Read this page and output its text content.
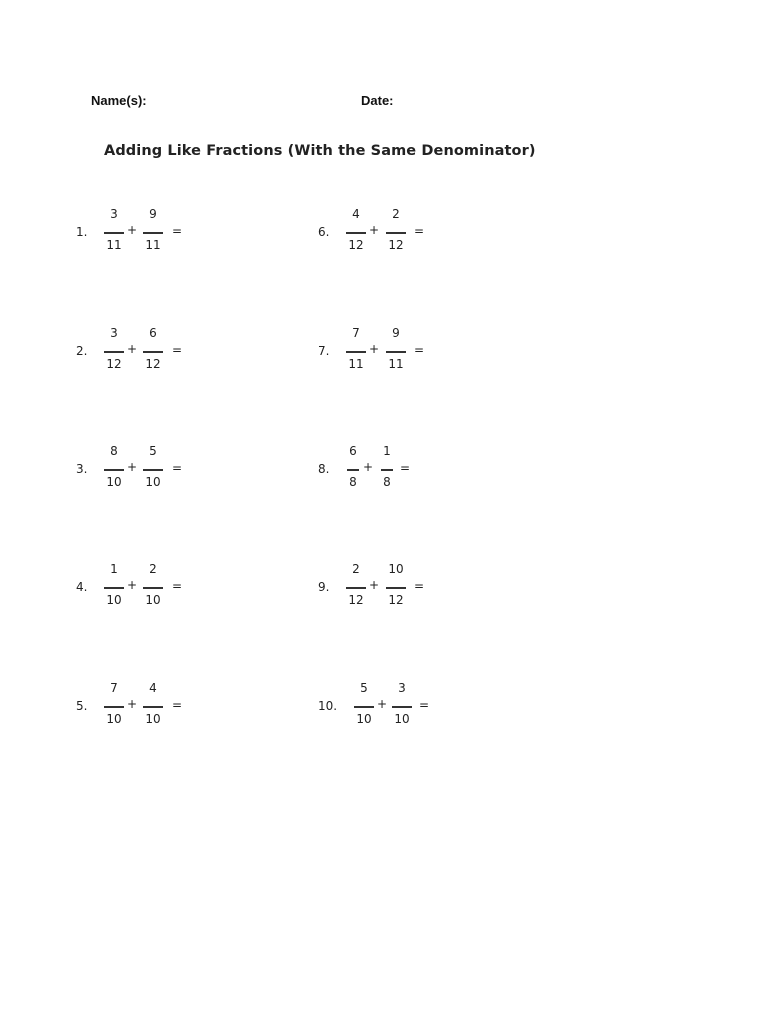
Name(s):	Date:
Adding Like Fractions (With the Same Denominator)
1.
3
11
+
9
11
=
2.
3
12
+
6
12
=
3.
8
10
+
5
10
=
4.
1
10
+
2
10
=
5.
7
10
+
4
10
=
6.
4
12
+
2
12
=
7.
7
11
+
9
11
=
8.
6
8
+
1
8
=
9.
2
12
+
10
12
=
10.
5
10
+
3
10
=
